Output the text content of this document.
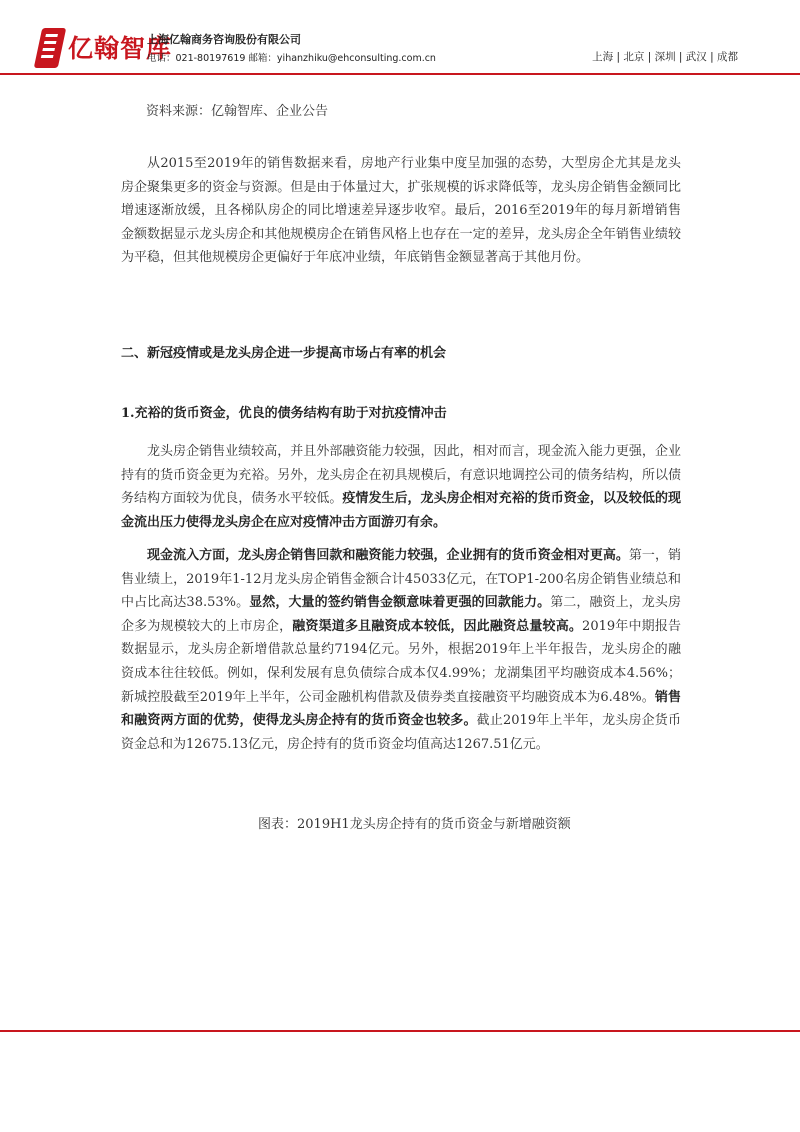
亿翰智库
上海亿翰商务咨询股份有限公司
电话：021-80197619 邮箱：yihanzhiku@ehconsulting.com.cn	上海 | 北京 | 深圳 | 武汉 | 成都

资料来源：亿翰智库、企业公告

从2015至2019年的销售数据来看，房地产行业集中度呈加强的态势，大型房企尤其是龙头房企聚集更多的资金与资源。但是由于体量过大，扩张规模的诉求降低等，龙头房企销售金额同比增速逐渐放缓，且各梯队房企的同比增速差异逐步收窄。最后，2016至2019年的每月新增销售金额数据显示龙头房企和其他规模房企在销售风格上也存在一定的差异，龙头房企全年销售业绩较为平稳，但其他规模房企更偏好于年底冲业绩，年底销售金额显著高于其他月份。

二、新冠疫情或是龙头房企进一步提高市场占有率的机会

1.充裕的货币资金，优良的债务结构有助于对抗疫情冲击

龙头房企销售业绩较高，并且外部融资能力较强，因此，相对而言，现金流入能力更强，企业持有的货币资金更为充裕。另外，龙头房企在初具规模后，有意识地调控公司的债务结构，所以债务结构方面较为优良，债务水平较低。疫情发生后，龙头房企相对充裕的货币资金，以及较低的现金流出压力使得龙头房企在应对疫情冲击方面游刃有余。

现金流入方面，龙头房企销售回款和融资能力较强，企业拥有的货币资金相对更高。第一，销售业绩上，2019年1-12月龙头房企销售金额合计45033亿元，在TOP1-200名房企销售业绩总和中占比高达38.53%。显然，大量的签约销售金额意味着更强的回款能力。第二，融资上，龙头房企多为规模较大的上市房企，融资渠道多且融资成本较低，因此融资总量较高。2019年中期报告数据显示，龙头房企新增借款总量约7194亿元。另外，根据2019年上半年报告，龙头房企的融资成本往往较低。例如，保利发展有息负债综合成本仅4.99%；龙湖集团平均融资成本4.56%；新城控股截至2019年上半年，公司金融机构借款及债券类直接融资平均融资成本为6.48%。销售和融资两方面的优势，使得龙头房企持有的货币资金也较多。截止2019年上半年，龙头房企货币资金总和为12675.13亿元，房企持有的货币资金均值高达1267.51亿元。

图表：2019H1龙头房企持有的货币资金与新增融资额
